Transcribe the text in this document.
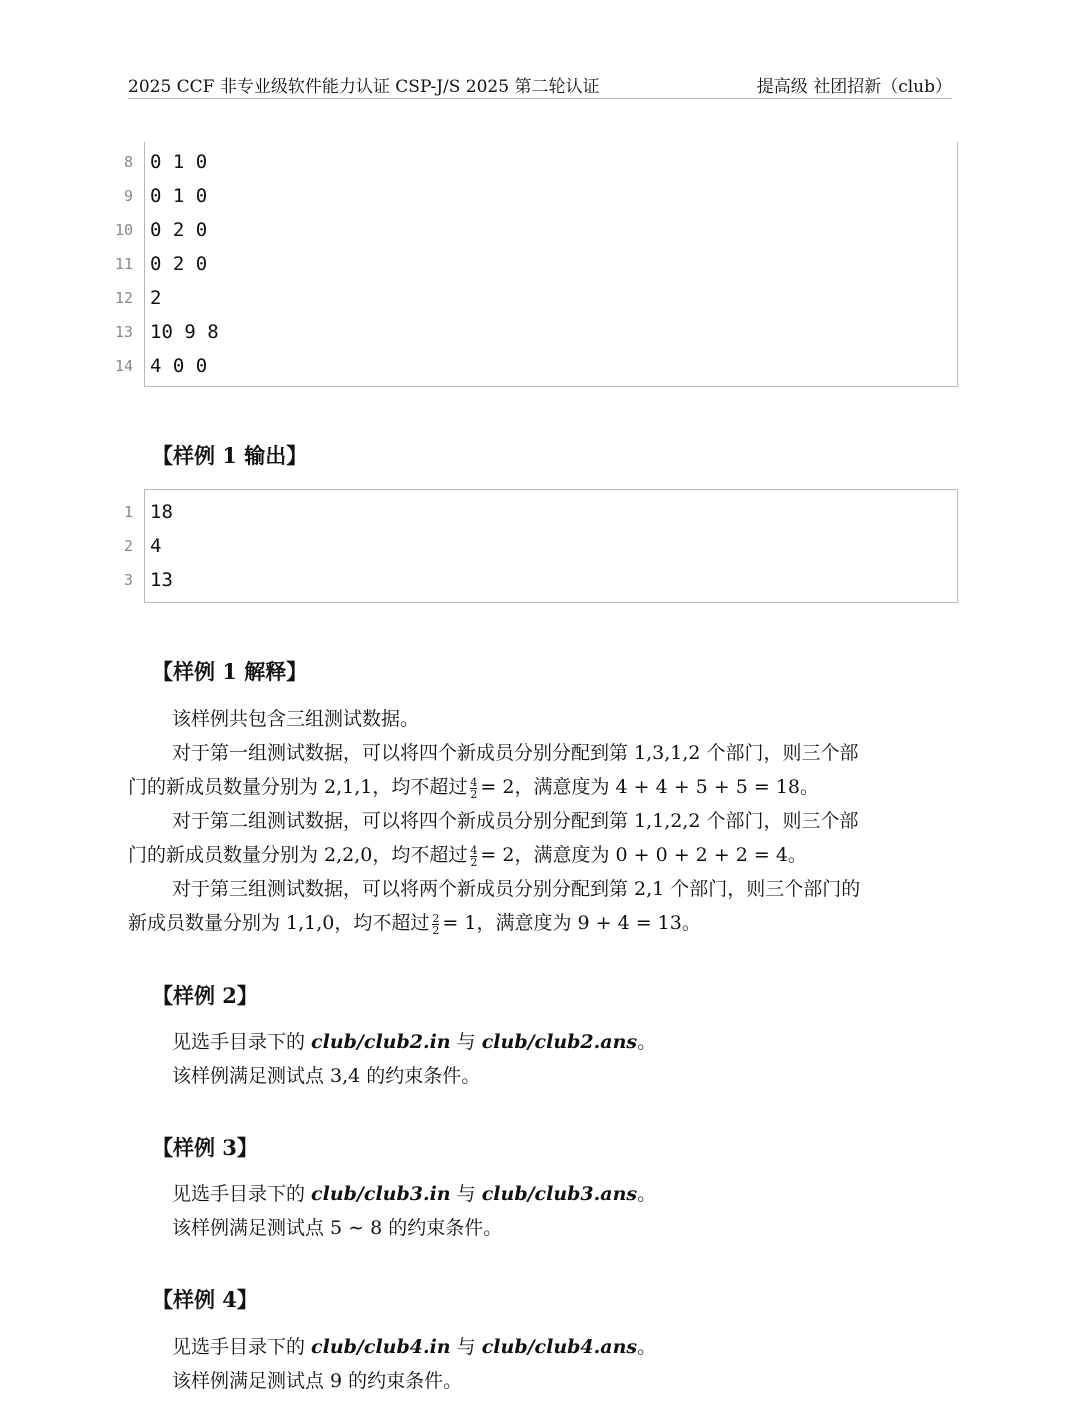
2025 CCF 非专业级软件能力认证 CSP-J/S 2025 第二轮认证	提高级 社团招新（club）
8 0 1 0
9 0 1 0
10 0 2 0
11 0 2 0
12 2
13 10 9 8
14 4 0 0
【样例 1 输出】
1 18
2 4
3 13
【样例 1 解释】
该样例共包含三组测试数据。
对于第一组测试数据，可以将四个新成员分别分配到第 1,3,1,2 个部门，则三个部
门的新成员数量分别为 2,1,1，均不超过 $\frac{4}{2} = 2$，满意度为 4 + 4 + 5 + 5 = 18。
对于第二组测试数据，可以将四个新成员分别分配到第 1,1,2,2 个部门，则三个部
门的新成员数量分别为 2,2,0，均不超过 $\frac{4}{2} = 2$，满意度为 0 + 0 + 2 + 2 = 4。
对于第三组测试数据，可以将两个新成员分别分配到第 2,1 个部门，则三个部门的
新成员数量分别为 1,1,0，均不超过 $\frac{2}{2} = 1$，满意度为 9 + 4 = 13。
【样例 2】
见选手目录下的 club/club2.in 与 club/club2.ans。
该样例满足测试点 3,4 的约束条件。
【样例 3】
见选手目录下的 club/club3.in 与 club/club3.ans。
该样例满足测试点 5 ∼ 8 的约束条件。
【样例 4】
见选手目录下的 club/club4.in 与 club/club4.ans。
该样例满足测试点 9 的约束条件。
